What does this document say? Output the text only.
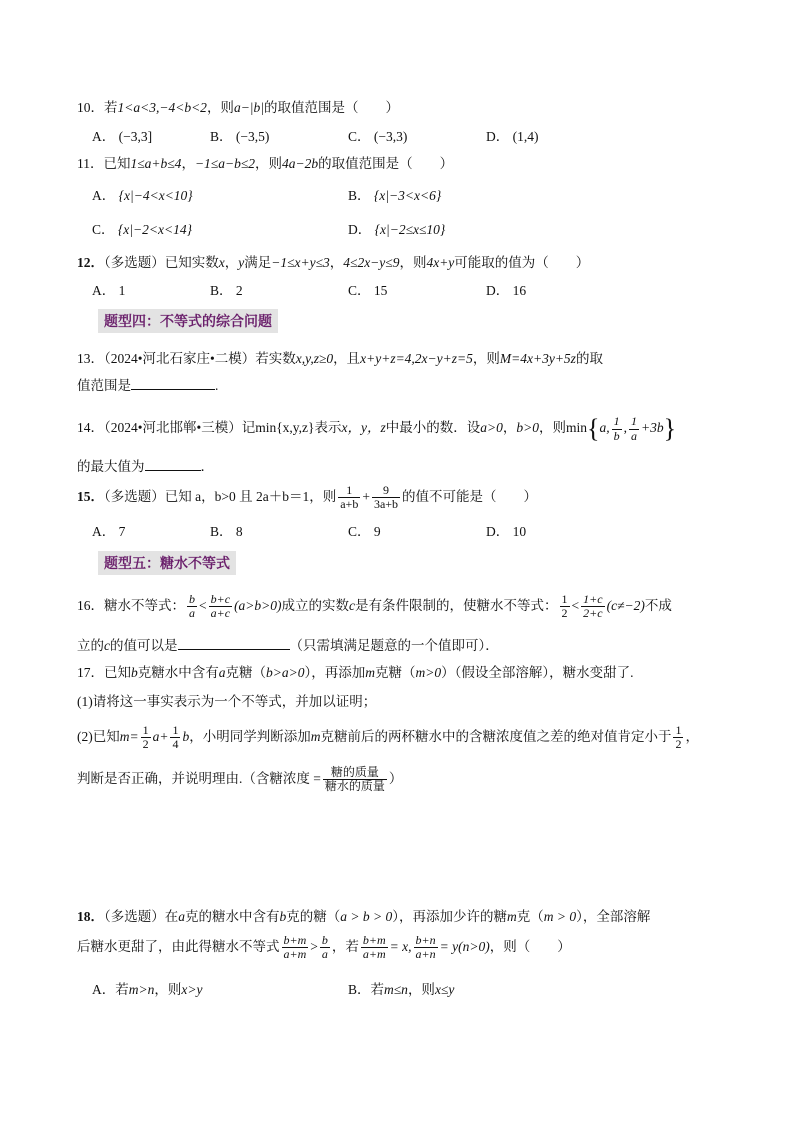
10．若1<a<3,−4<b<2，则a−|b|的取值范围是（　　）
A． (−3,3]	B． (−3,5)	C． (−3,3)	D． (1,4)
11．已知1≤a+b≤4，−1≤a−b≤2，则4a−2b的取值范围是（　　）
A． {x|−4<x<10}	B． {x|−3<x<6}
C． {x|−2<x<14}	D． {x|−2≤x≤10}
12．（多选题）已知实数x，y满足−1≤x+y≤3，4≤2x−y≤9，则4x+y可能取的值为（　　）
A． 1	B． 2	C． 15	D． 16
题型四：不等式的综合问题
13．（2024•河北石家庄•二模）若实数x,y,z≥0，且x+y+z=4,2x−y+z=5，则M=4x+3y+5z的取
值范围是	.
14．（2024•河北邯郸•三模）记min{x,y,z}表示x，y，z中最小的数．设a>0，b>0，则min{a, $\frac{1}{b}$ , $\frac{1}{a} +3b$}
的最大值为	．
15．（多选题）已知 a，b>0 且 2a＋b＝1，则 $\frac{1}{a+b} + \frac{9}{3a+b}$ 的值不可能是（　　）
A． 7	B． 8	C． 9	D． 10
题型五：糖水不等式
16．糖水不等式： $\frac{b}{a} < \frac{b+c}{a+c} (a>b>0)$成立的实数c是有条件限制的，使糖水不等式： $\frac{1}{2} < \frac{1+c}{2+c} (c\ne-2)$不成
立的c的值可以是	（只需填满足题意的一个值即可）．
17．已知b克糖水中含有a克糖（b>a>0），再添加m克糖（m>0）（假设全部溶解），糖水变甜了.
(1)请将这一事实表示为一个不等式，并加以证明；
(2)已知$m= \frac{1}{2} a+ \frac{1}{4}$ b，小明同学判断添加m克糖前后的两杯糖水中的含糖浓度值之差的绝对值肯定小于 $\frac{1}{2}$ ，
判断是否正确，并说明理由.（含糖浓度 = $\frac{\text{糖的质量}}{\text{糖水的质量}}$ ）
18．（多选题）在a克的糖水中含有b克的糖（a > b > 0），再添加少许的糖m克（m > 0），全部溶解
后糖水更甜了，由此得糖水不等式 $\frac{b+m}{a+m} > \frac{b}{a}$ ，若 $\frac{b+m}{a+m} = x$, $\frac{b+n}{a+n} = y(n>0)$，则（　　）
A．若m>n，则x>y	B．若m≤n，则x≤y
